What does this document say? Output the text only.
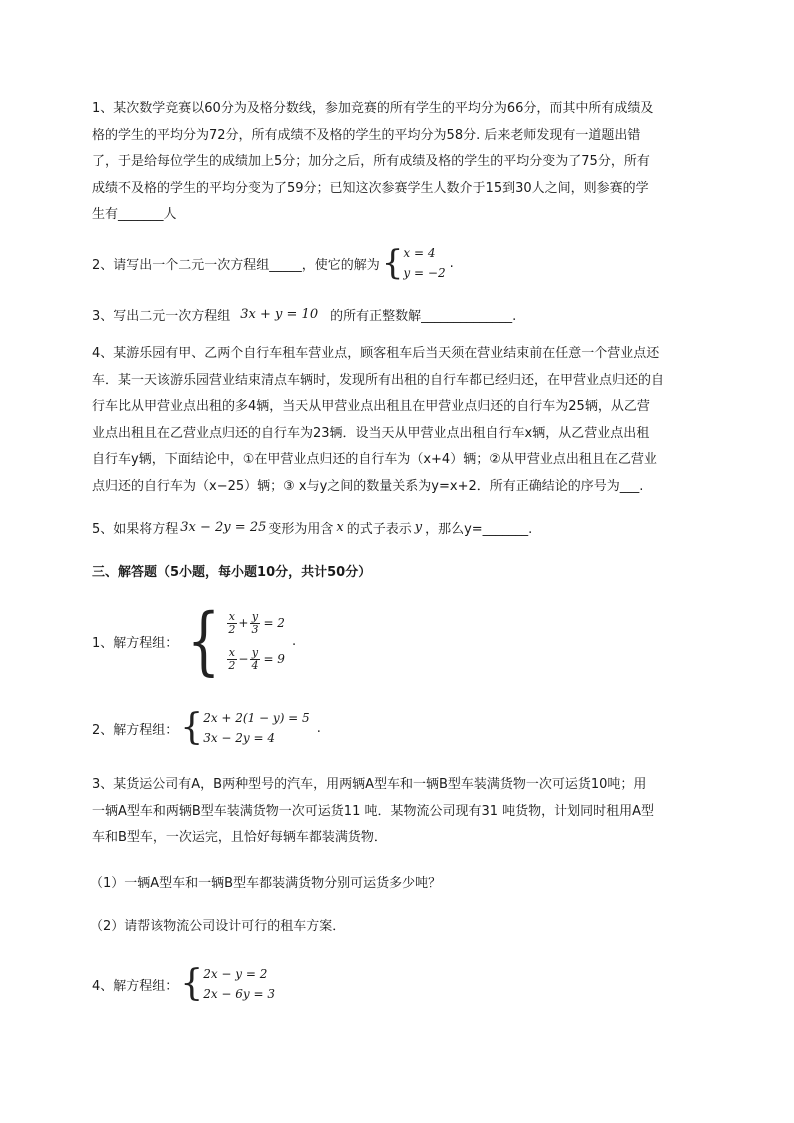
1、某次数学竞赛以60分为及格分数线，参加竞赛的所有学生的平均分为66分，而其中所有成绩及

格的学生的平均分为72分，所有成绩不及格的学生的平均分为58分. 后来老师发现有一道题出错

了，于是给每位学生的成绩加上5分；加分之后，所有成绩及格的学生的平均分变为了75分，所有

成绩不及格的学生的平均分变为了59分；已知这次参赛学生人数介于15到30人之间，则参赛的学

生有_______人

2、请写出一个二元一次方程组_____，使它的解为 { x = 4
y = −2
.
3、写出二元一次方程组 3x + y = 10 的所有正整数解______________.

4、某游乐园有甲、乙两个自行车租车营业点，顾客租车后当天须在营业结束前在任意一个营业点还

车．某一天该游乐园营业结束清点车辆时，发现所有出租的自行车都已经归还，在甲营业点归还的自

行车比从甲营业点出租的多4辆，当天从甲营业点出租且在甲营业点归还的自行车为25辆，从乙营

业点出租且在乙营业点归还的自行车为23辆．设当天从甲营业点出租自行车x辆，从乙营业点出租

自行车y辆，下面结论中，①在甲营业点归还的自行车为（x+4）辆；②从甲营业点出租且在乙营业

点归还的自行车为（x−25）辆；③ x与y之间的数量关系为y=x+2．所有正确结论的序号为___.

5、如果将方程 3x − 2y = 25 变形为用含 x 的式子表示 y ，那么y=_______.
三、解答题（5小题，每小题10分，共计50分）
1、解方程组： { $\frac{x}{2} + \frac{y}{3} = 2$
$\frac{x}{2} - \frac{y}{4} = 9$
.
2、解方程组： { 2x + 2(1 − y) = 5
3x − 2y = 4
.

3、某货运公司有A，B两种型号的汽车，用两辆A型车和一辆B型车装满货物一次可运货10吨；用

一辆A型车和两辆B型车装满货物一次可运货11 吨．某物流公司现有31 吨货物，计划同时租用A型

车和B型车，一次运完，且恰好每辆车都装满货物．

（1）一辆A型车和一辆B型车都装满货物分别可运货多少吨？
（2）请帮该物流公司设计可行的租车方案．
4、解方程组： { 2x − y = 2
2x − 6y = 3
